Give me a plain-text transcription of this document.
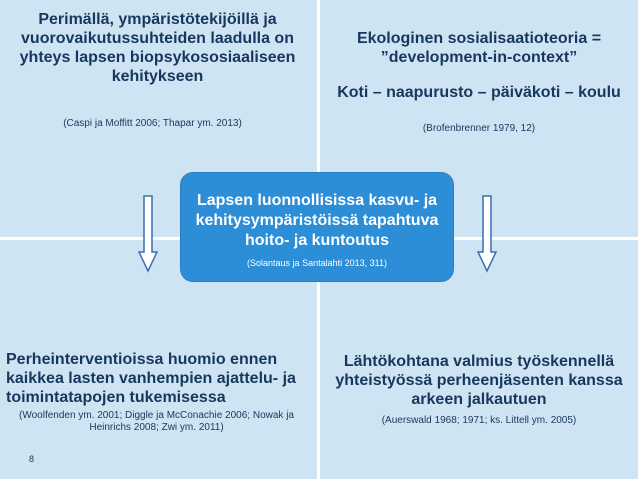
Perimällä, ympäristötekijöillä ja vuorovaikutussuhteiden laadulla on yhteys lapsen biopsykososiaaliseen kehitykseen
(Caspi ja Moffitt 2006; Thapar ym. 2013)
Ekologinen sosialisaatioteoria = ”development-in-context”
Koti – naapurusto – päiväkoti – koulu
(Brofenbrenner 1979, 12)
Perheinterventioissa huomio ennen kaikkea lasten vanhempien ajattelu- ja toimintatapojen tukemisessa
(Woolfenden ym. 2001; Diggle ja McConachie 2006; Nowak ja Heinrichs 2008; Zwi ym. 2011)
8
Lähtökohtana valmius työskennellä yhteistyössä perheenjäsenten kanssa arkeen jalkautuen
(Auerswald 1968; 1971; ks. Littell ym. 2005)
Lapsen luonnollisissa kasvu- ja kehitysympäristöissä tapahtuva hoito- ja kuntoutus
(Solantaus ja Santalahti 2013, 311)
